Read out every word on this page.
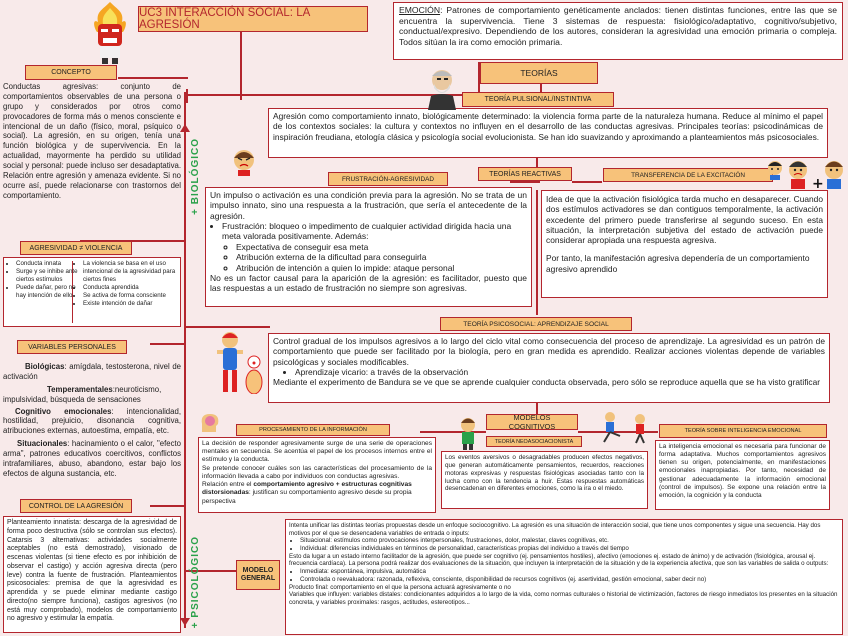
UC3 INTERACCIÓN SOCIAL: LA AGRESIÓN
EMOCIÓN: Patrones de comportamiento genéticamente anclados: tienen distintas funciones, entre las que se encuentra la supervivencia. Tiene 3 sistemas de respuesta: fisiológico/adaptativo, cognitivo/subjetivo, conductual/expresivo. Dependiendo de los autores, consideran la agresividad una emoción primaria o compleja. Todos sitúan la ira como emoción primaria.
CONCEPTO
Conductas agresivas: conjunto de comportamientos observables de una persona o grupo y considerados por otros como provocadores de forma más o menos consciente e intencional de un daño (físico, moral, psíquico o social). La agresión, en su origen, tenía una función biológica y de supervivencia. En la actualidad, mayormente ha perdido su utilidad social y personal: puede incluso ser desadaptativa. Relación entre agresión y amenaza evidente. Si no ocurre así, puede relacionarse con trastornos del comportamiento.
AGRESIVIDAD ≠ VIOLENCIA
• Conducta innata
• Surge y se inhibe ante ciertos estímulos
• Puede dañar, pero no hay intención de ello
• La violencia se basa en el uso intencional de la agresividad para ciertos fines
• Conducta aprendida
• Se activa de forma consciente
• Existe intención de dañar
VARIABLES PERSONALES
Biológicas: amígdala, testosterona, nivel de activación
Temperamentales:neuroticismo, impulsividad, búsqueda de sensaciones
Cognitivo emocionales: intencionalidad, hostilidad, prejuicio, disonancia cognitiva, atribuciones externas, autoestima, empatía, etc.
Situacionales: hacinamiento o el calor, "efecto arma", patrones educativos coercitivos, conflictos intrafamiliares, abuso, abandono, estar bajo los efectos de alguna sustancia, etc.
CONTROL DE LA AGRESIÓN
Planteamiento innatista: descarga de la agresividad de forma poco destructiva (sólo se controlan sus efectos). Catarsis 3 alternativas: actividades socialmente aceptables (no está demostrado), visionado de escenas violentas (si tiene efecto es por inhibición de observar el castigo) y acción agresiva directa (pero leve) contra la fuente de frustración. Planteamientos psicosociales: premisa de que la agresividad es aprendida y se puede eliminar mediante castigo directo(no siempre funciona), castigos agresivos (no está muy comprobado), modelos de comportamiento no agresivo y estimular la empatía.
+ BIOLÓGICO
+ PSICOLÓGICO
TEORÍAS
TEORÍA PULSIONAL/INSTINTIVA
Agresión como comportamiento innato, biológicamente determinado: la violencia forma parte de la naturaleza humana. Reduce al mínimo el papel de los contextos sociales: la cultura y contextos no influyen en el desarrollo de las conductas agresivas. Principales teorías: psicodinámicas de inspiración freudiana, etología clásica y psicología social evolucionista. Se han ido suavizando y aproximando a planteamientos más psicosociales.
TEORÍAS REACTIVAS
FRUSTRACIÓN-AGRESIVIDAD
Un impulso o activación es una condición previa para la agresión. No se trata de un impulso innato, sino una respuesta a la frustración, que sería el antecedente de la agresión.
• Frustración: bloqueo o impedimento de cualquier actividad dirigida hacia una meta valorada positivamente. Además:
◦ Expectativa de conseguir esa meta
◦ Atribución externa de la dificultad para conseguirla
◦ Atribución de intención a quien lo impide: ataque personal
No es un factor causal para la aparición de la agresión: es facilitador, puesto que las respuestas a un estado de frustración no siempre son agresivas.
TRANSFERENCIA DE LA EXCITACIÓN
Idea de que la activación fisiológica tarda mucho en desaparecer. Cuando dos estímulos activadores se dan contiguos temporalmente, la activación excedente del primero puede transferirse al segundo suceso. En esta situación, la interpretación subjetiva del estado de activación puede considerar apropiada una respuesta agresiva.
Por tanto, la manifestación agresiva dependería de un comportamiento agresivo aprendido
TEORÍA PSICOSOCIAL: APRENDIZAJE SOCIAL
Control gradual de los impulsos agresivos a lo largo del ciclo vital como consecuencia del proceso de aprendizaje. La agresividad es un patrón de comportamiento que puede ser facilitado por la biología, pero en gran medida es aprendido. Realizar acciones violentas depende de variables psicológicas y sociales modificables.
• Aprendizaje vicario: a través de la observación
Mediante el experimento de Bandura se ve que se aprende cualquier conducta observada, pero sólo se reproduce aquella que se ha visto gratificar
MODELOS COGNITIVOS
PROCESAMIENTO DE LA INFORMACIÓN
La decisión de responder agresivamente surge de una serie de operaciones mentales en secuencia. Se acentúa el papel de los procesos internos entre el estímulo y la conducta.
Se pretende conocer cuáles son las características del procesamiento de la información llevada a cabo por individuos con conductas agresivas.
Relación entre el comportamiento agresivo + estructuras cognitivas distorsionadas: justifican su comportamiento agresivo desde su propia perspectiva
TEORÍA NEOASOCIACIONISTA
Los eventos aversivos o desagradables producen efectos negativos, que generan automáticamente pensamientos, recuerdos, reacciones motoras expresivas y respuestas fisiológicas asociadas tanto con la lucha como con la tendencia a huir. Estas respuestas automáticas desencadenan en diferentes emociones, como la ira o el miedo.
TEORÍA SOBRE INTELIGENCIA EMOCIONAL
La inteligencia emocional es necesaria para funcionar de forma adaptativa. Muchos comportamientos agresivos tienen su origen, potencialmente, en manifestaciones emocionales inapropiadas. Por tanto, necesidad de gestionar adecuadamente la información emocional (control de impulsos). Se expone una relación entre la emoción, la cognición y la conducta
MODELO GENERAL
Intenta unificar las distintas teorías propuestas desde un enfoque sociocognitivo. La agresión es una situación de interacción social, que tiene unos componentes y sigue una secuencia. Hay dos motivos por el que se desencadena variables de entrada o inputs:
• Situacional: estímulos como provocaciones interpersonales, frustraciones, dolor, malestar, claves cognitivas, etc.
• Individual: diferencias individuales en términos de personalidad, características propias del individuo a través del tiempo
Esto da lugar a un estado interno facilitador de la agresión, que puede ser cognitivo (ej. pensamientos hostiles), afectivo (emociones ej. estado de ánimo) y de activación (fisiológica, arousal ej. frecuencia cardíaca). La persona podrá realizar dos evaluaciones de la situación, que incluyen la interpretación de la situación y de la experiencia afectiva, que son las variables de salida o outputs:
• Inmediata: espontánea, impulsiva, automática
• Controlada o reevaluadora: razonada, reflexiva, consciente, disponibilidad de recursos cognitivos (ej. asertividad, gestión emocional, saber decir no)
Producto final: comportamiento en el que la persona actuará agresivamente o no
Variables que influyen: variables distales: condicionantes adquiridos a lo largo de la vida, como normas culturales o historial de victimización, factores de riesgo inmediatos los presentes en la situación concreta, y variables proximales: rasgos, actitudes, estereotipos...
+
